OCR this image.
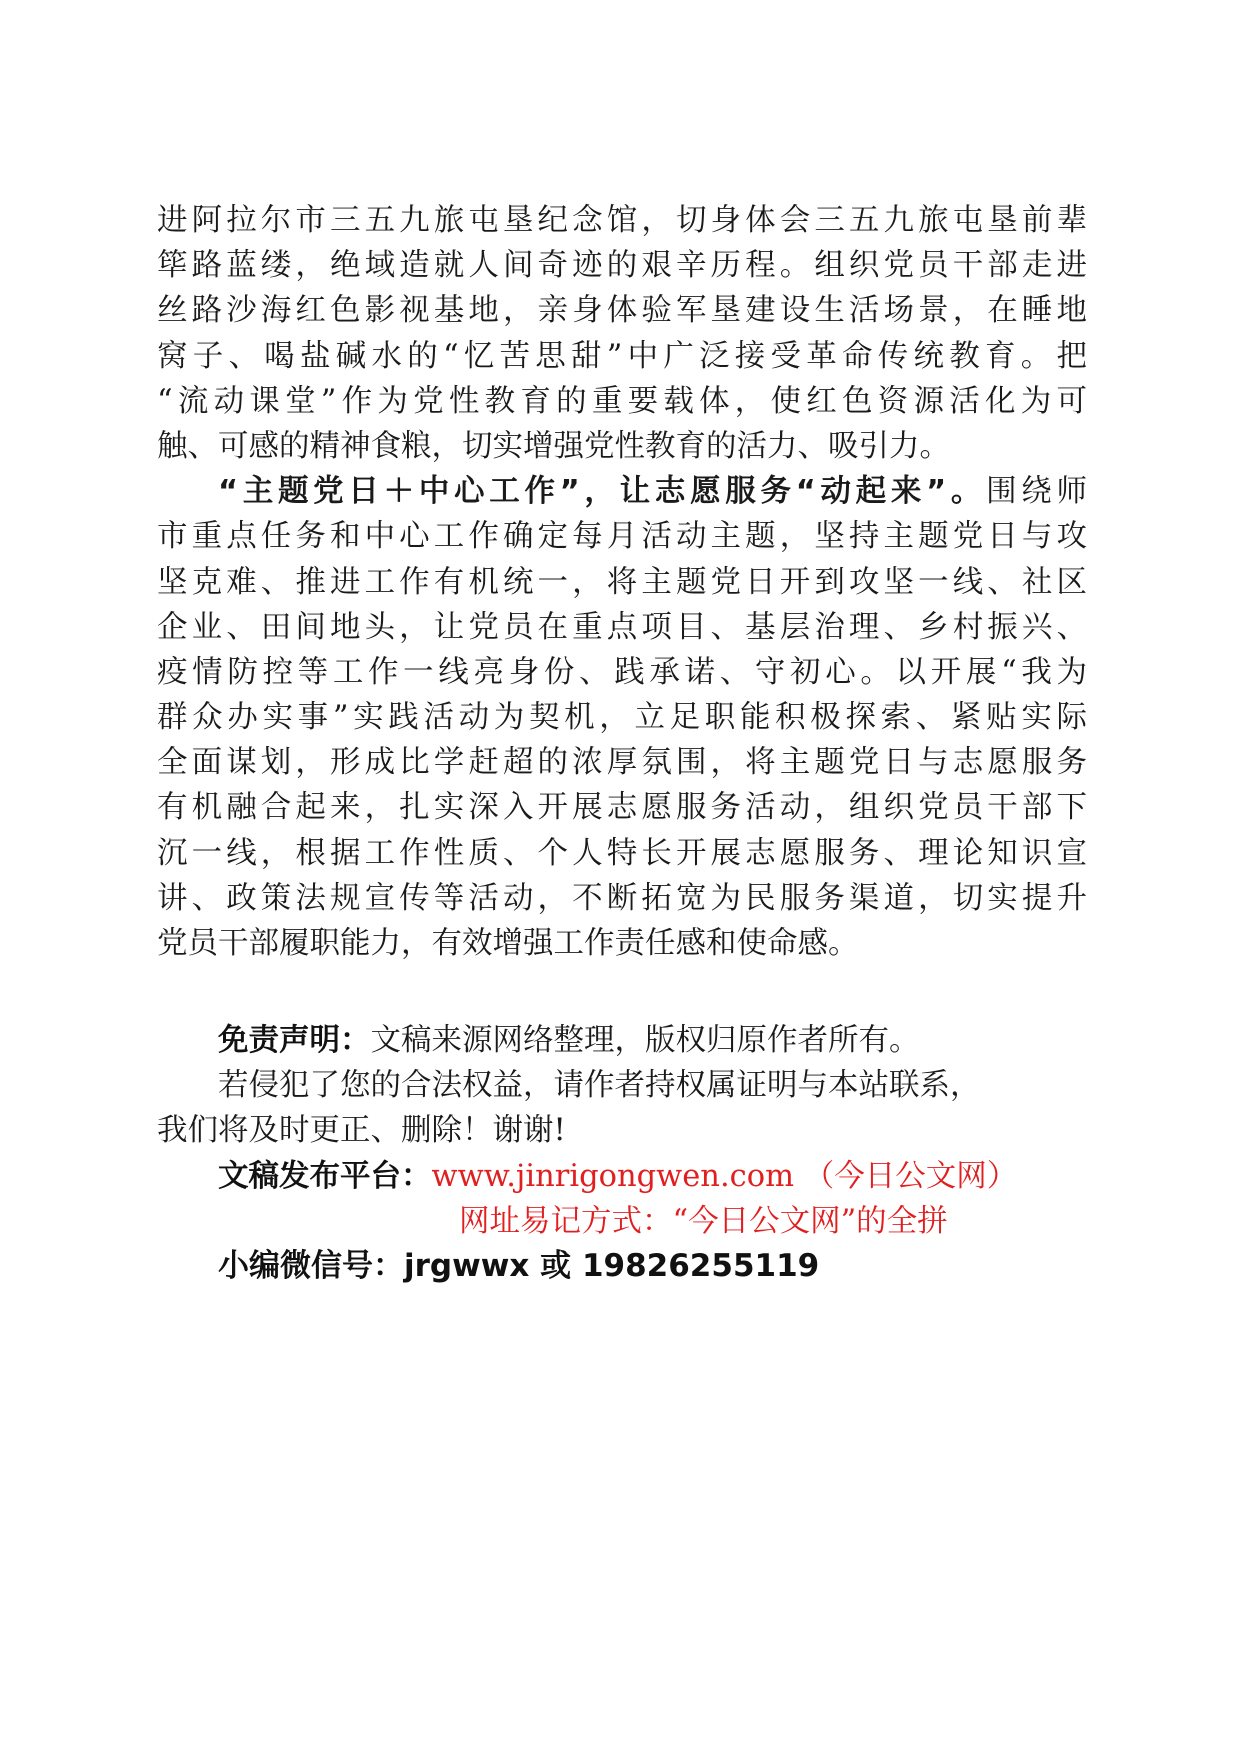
进阿拉尔市三五九旅屯垦纪念馆，切身体会三五九旅屯垦前辈
筚路蓝缕，绝域造就人间奇迹的艰辛历程。组织党员干部走进
丝路沙海红色影视基地，亲身体验军垦建设生活场景，在睡地
窝子、喝盐碱水的“忆苦思甜”中广泛接受革命传统教育。把
“流动课堂”作为党性教育的重要载体，使红色资源活化为可
触、可感的精神食粮，切实增强党性教育的活力、吸引力。
“主题党日＋中心工作”，让志愿服务“动起来”。围绕师
市重点任务和中心工作确定每月活动主题，坚持主题党日与攻
坚克难、推进工作有机统一，将主题党日开到攻坚一线、社区
企业、田间地头，让党员在重点项目、基层治理、乡村振兴、
疫情防控等工作一线亮身份、践承诺、守初心。以开展“我为
群众办实事”实践活动为契机，立足职能积极探索、紧贴实际
全面谋划，形成比学赶超的浓厚氛围，将主题党日与志愿服务
有机融合起来，扎实深入开展志愿服务活动，组织党员干部下
沉一线，根据工作性质、个人特长开展志愿服务、理论知识宣
讲、政策法规宣传等活动，不断拓宽为民服务渠道，切实提升
党员干部履职能力，有效增强工作责任感和使命感。
免责声明：文稿来源网络整理，版权归原作者所有。
若侵犯了您的合法权益，请作者持权属证明与本站联系，
我们将及时更正、删除！谢谢!
文稿发布平台：www.jinrigongwen.com （今日公文网）
网址易记方式：“今日公文网”的全拼
小编微信号：jrgwwx 或 19826255119
